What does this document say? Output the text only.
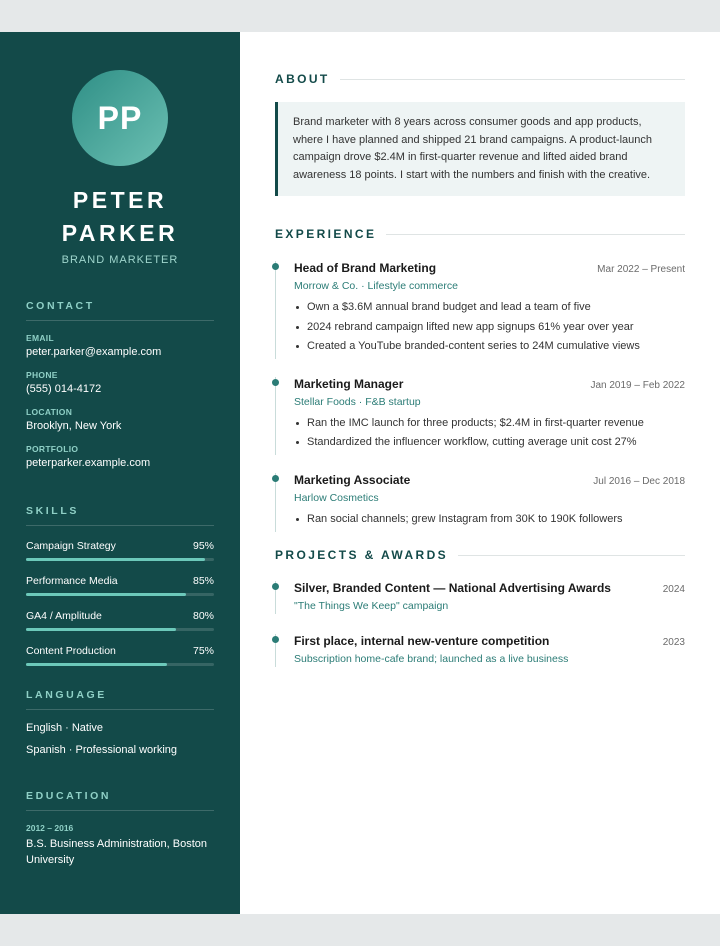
PP
PETER
PARKER
BRAND MARKETER
CONTACT
EMAIL
peter.parker@example.com
PHONE
(555) 014-4172
LOCATION
Brooklyn, New York
PORTFOLIO
peterparker.example.com
SKILLS
Campaign Strategy	95%
Performance Media	85%
GA4 / Amplitude	80%
Content Production	75%
LANGUAGE
English · Native
Spanish · Professional working
EDUCATION
2012 – 2016
B.S. Business Administration, Boston University
ABOUT
Brand marketer with 8 years across consumer goods and app products, where I have planned and shipped 21 brand campaigns. A product-launch campaign drove $2.4M in first-quarter revenue and lifted aided brand awareness 18 points. I start with the numbers and finish with the creative.
EXPERIENCE
Head of Brand Marketing	Mar 2022 – Present
Morrow & Co. · Lifestyle commerce
Own a $3.6M annual brand budget and lead a team of five
2024 rebrand campaign lifted new app signups 61% year over year
Created a YouTube branded-content series to 24M cumulative views
Marketing Manager	Jan 2019 – Feb 2022
Stellar Foods · F&B startup
Ran the IMC launch for three products; $2.4M in first-quarter revenue
Standardized the influencer workflow, cutting average unit cost 27%
Marketing Associate	Jul 2016 – Dec 2018
Harlow Cosmetics
Ran social channels; grew Instagram from 30K to 190K followers
PROJECTS & AWARDS
Silver, Branded Content — National Advertising Awards	2024
"The Things We Keep" campaign
First place, internal new-venture competition	2023
Subscription home-cafe brand; launched as a live business
